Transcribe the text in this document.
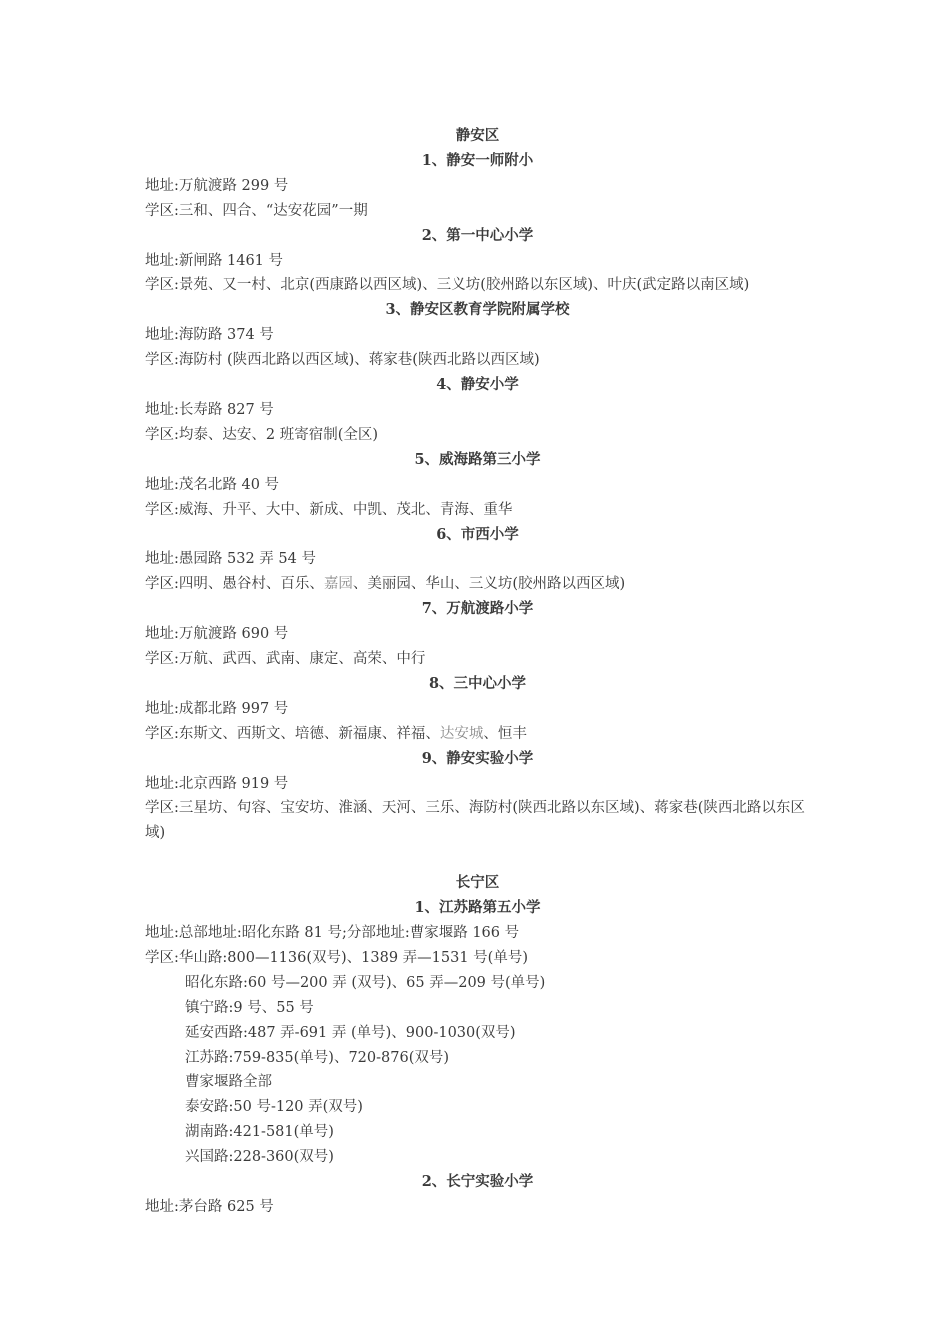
静安区
1、静安一师附小
地址:万航渡路 299 号
学区:三和、四合、“达安花园”一期
2、第一中心小学
地址:新闸路 1461 号
学区:景苑、又一村、北京(西康路以西区域)、三义坊(胶州路以东区域)、叶庆(武定路以南区域)
3、静安区教育学院附属学校
地址:海防路 374 号
学区:海防村 (陕西北路以西区域)、蒋家巷(陕西北路以西区域)
4、静安小学
地址:长寿路 827 号
学区:均泰、达安、2 班寄宿制(全区)
5、威海路第三小学
地址:茂名北路 40 号
学区:威海、升平、大中、新成、中凯、茂北、青海、重华
6、市西小学
地址:愚园路 532 弄 54 号
学区:四明、愚谷村、百乐、嘉园、美丽园、华山、三义坊(胶州路以西区域)
7、万航渡路小学
地址:万航渡路 690 号
学区:万航、武西、武南、康定、高荣、中行
8、三中心小学
地址:成都北路 997 号
学区:东斯文、西斯文、培德、新福康、祥福、达安城、恒丰
9、静安实验小学
地址:北京西路 919 号
学区:三星坊、句容、宝安坊、淮涵、天河、三乐、海防村(陕西北路以东区域)、蒋家巷(陕西北路以东区域)
长宁区
1、江苏路第五小学
地址:总部地址:昭化东路 81 号;分部地址:曹家堰路 166 号
学区:华山路:800—1136(双号)、1389 弄—1531 号(单号)
昭化东路:60 号—200 弄 (双号)、65 弄—209 号(单号)
镇宁路:9 号、55 号
延安西路:487 弄-691 弄 (单号)、900-1030(双号)
江苏路:759-835(单号)、720-876(双号)
曹家堰路全部
泰安路:50 号-120 弄(双号)
湖南路:421-581(单号)
兴国路:228-360(双号)
2、长宁实验小学
地址:茅台路 625 号
